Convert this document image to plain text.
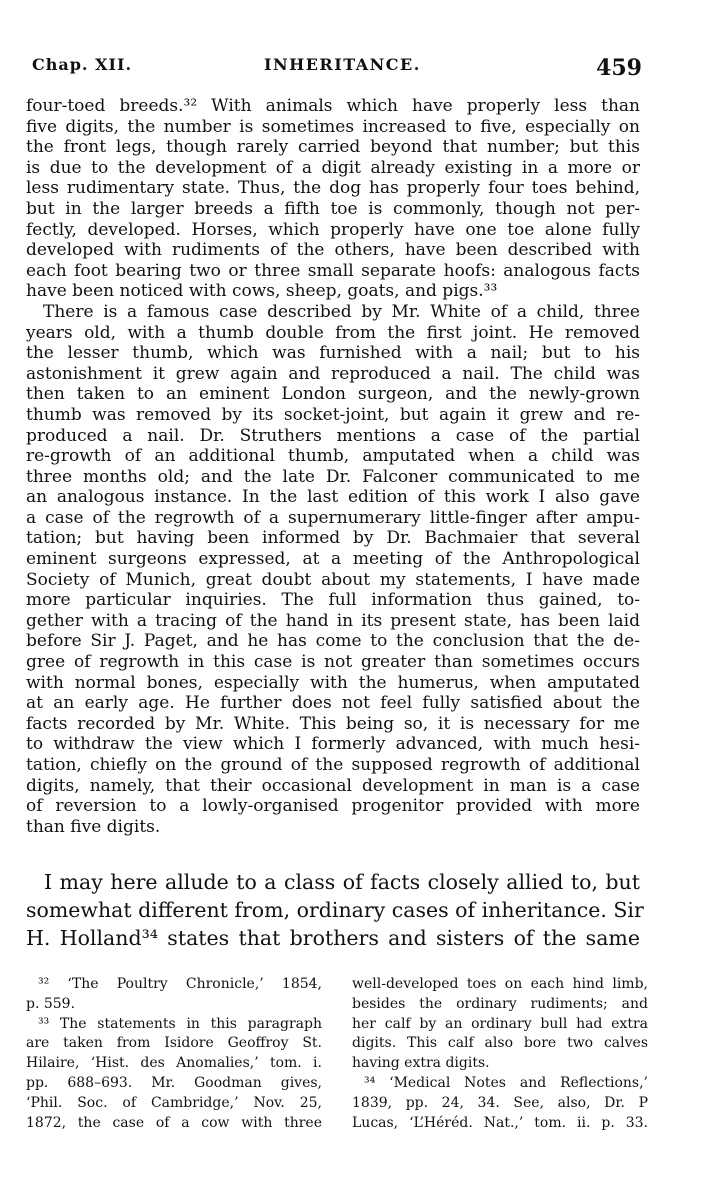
Chap. XII.	INHERITANCE.	459

four-toed breeds.³² With animals which have properly less than
five digits, the number is sometimes increased to five, especially on
the front legs, though rarely carried beyond that number; but this
is due to the development of a digit already existing in a more or
less rudimentary state. Thus, the dog has properly four toes behind,
but in the larger breeds a fifth toe is commonly, though not per-
fectly, developed. Horses, which properly have one toe alone fully
developed with rudiments of the others, have been described with
each foot bearing two or three small separate hoofs: analogous facts
have been noticed with cows, sheep, goats, and pigs.³³

There is a famous case described by Mr. White of a child, three
years old, with a thumb double from the first joint. He removed
the lesser thumb, which was furnished with a nail; but to his
astonishment it grew again and reproduced a nail. The child was
then taken to an eminent London surgeon, and the newly-grown
thumb was removed by its socket-joint, but again it grew and re-
produced a nail. Dr. Struthers mentions a case of the partial
re-growth of an additional thumb, amputated when a child was
three months old; and the late Dr. Falconer communicated to me
an analogous instance. In the last edition of this work I also gave
a case of the regrowth of a supernumerary little-finger after ampu-
tation; but having been informed by Dr. Bachmaier that several
eminent surgeons expressed, at a meeting of the Anthropological
Society of Munich, great doubt about my statements, I have made
more particular inquiries. The full information thus gained, to-
gether with a tracing of the hand in its present state, has been laid
before Sir J. Paget, and he has come to the conclusion that the de-
gree of regrowth in this case is not greater than sometimes occurs
with normal bones, especially with the humerus, when amputated
at an early age. He further does not feel fully satisfied about the
facts recorded by Mr. White. This being so, it is necessary for me
to withdraw the view which I formerly advanced, with much hesi-
tation, chiefly on the ground of the supposed regrowth of additional
digits, namely, that their occasional development in man is a case
of reversion to a lowly-organised progenitor provided with more
than five digits.

I may here allude to a class of facts closely allied to, but
somewhat different from, ordinary cases of inheritance. Sir
H. Holland³⁴ states that brothers and sisters of the same
³² ‘The Poultry Chronicle,’ 1854,
p. 559.
³³ The statements in this paragraph
are taken from Isidore Geoffroy St.
Hilaire, ‘Hist. des Anomalies,’ tom. i.
pp. 688–693. Mr. Goodman gives,
‘Phil. Soc. of Cambridge,’ Nov. 25,
1872, the case of a cow with three
well-developed toes on each hind limb,
besides the ordinary rudiments; and
her calf by an ordinary bull had extra
digits. This calf also bore two calves
having extra digits.
³⁴ ‘Medical Notes and Reflections,’
1839, pp. 24, 34. See, also, Dr. P
Lucas, ‘L’Héréd. Nat.,’ tom. ii. p. 33.
